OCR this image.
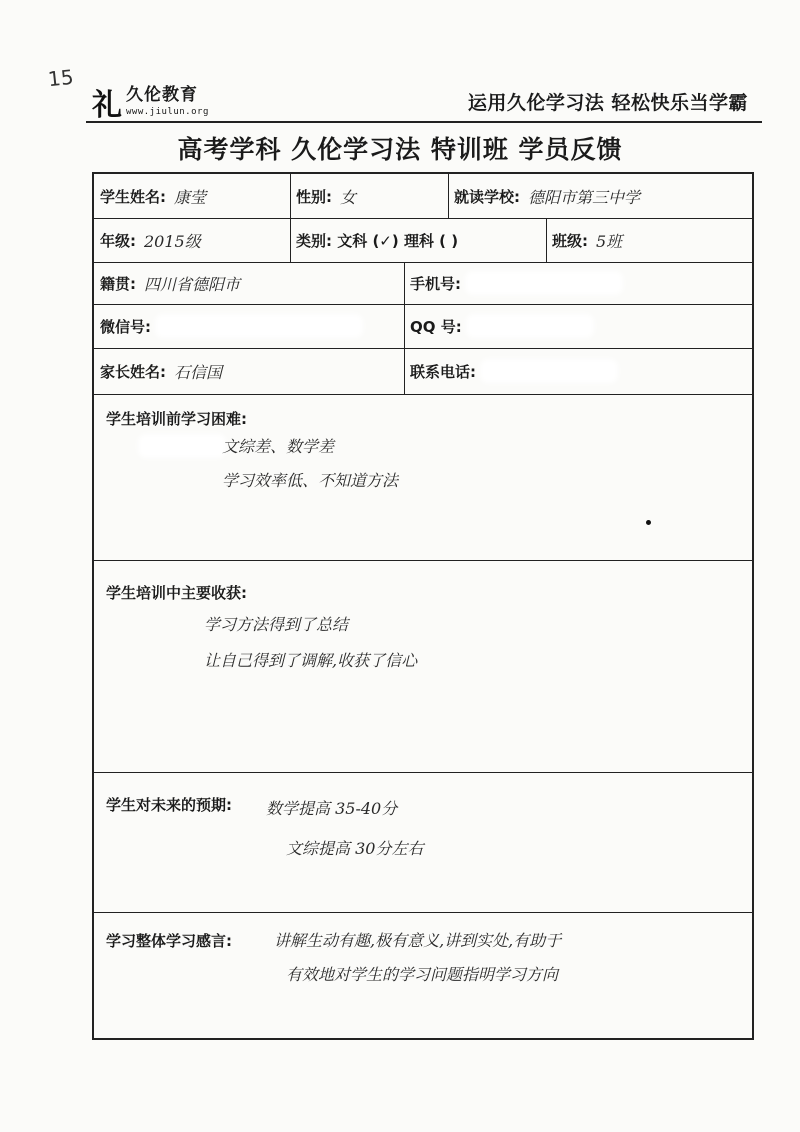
15
礼 久伦教育
www.jiulun.org	运用久伦学习法 轻松快乐当学霸
高考学科 久伦学习法 特训班 学员反馈
学生姓名: 康莹	性别: 女	就读学校: 德阳市第三中学
年级: 2015级	类别: 文科 (✓) 理科 ( )	班级: 5班
籍贯: 四川省德阳市	手机号:
微信号:	QQ 号:
家长姓名: 石信国	联系电话:
学生培训前学习困难:
文综差、数学差
学习效率低、不知道方法
学生培训中主要收获:
学习方法得到了总结
让自己得到了调解,收获了信心
学生对未来的预期: 数学提高 35-40分
文综提高 30分左右
学习整体学习感言:	讲解生动有趣,极有意义,讲到实处,有助于
有效地对学生的学习问题指明学习方向
